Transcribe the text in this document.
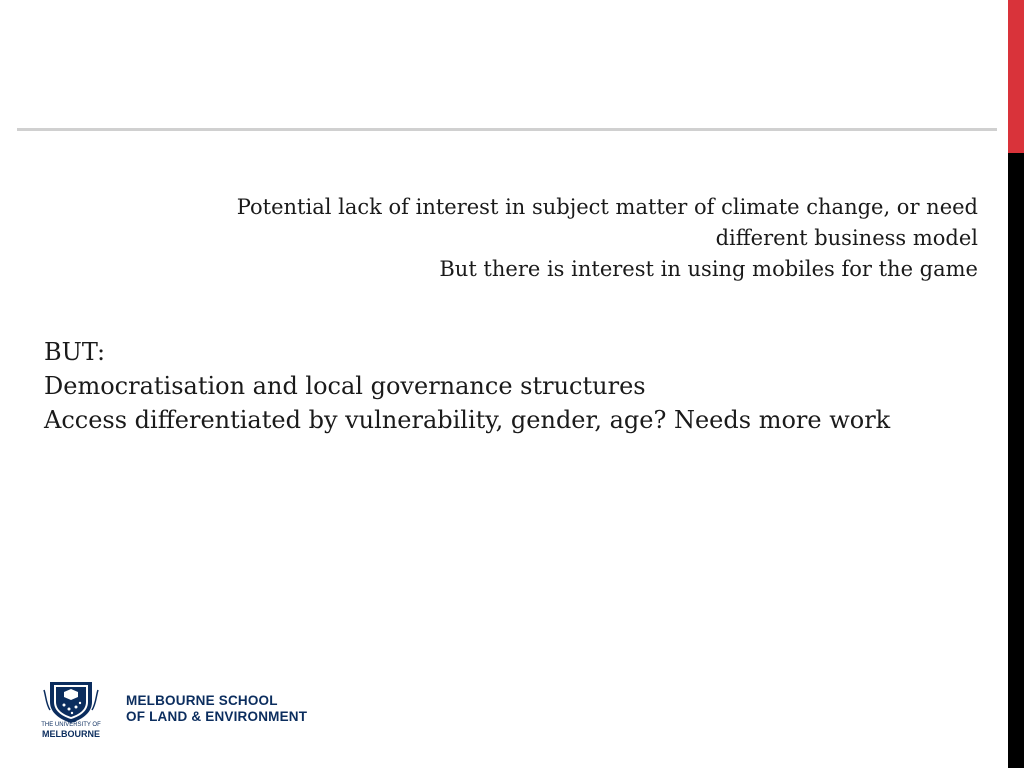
Potential lack of interest in subject matter of climate change, or need
different business model
But there is interest in using mobiles for the game
BUT:
Democratisation and local governance structures
Access differentiated by vulnerability, gender, age? Needs more work
THE UNIVERSITY OF
MELBOURNE
MELBOURNE SCHOOL
OF LAND & ENVIRONMENT
